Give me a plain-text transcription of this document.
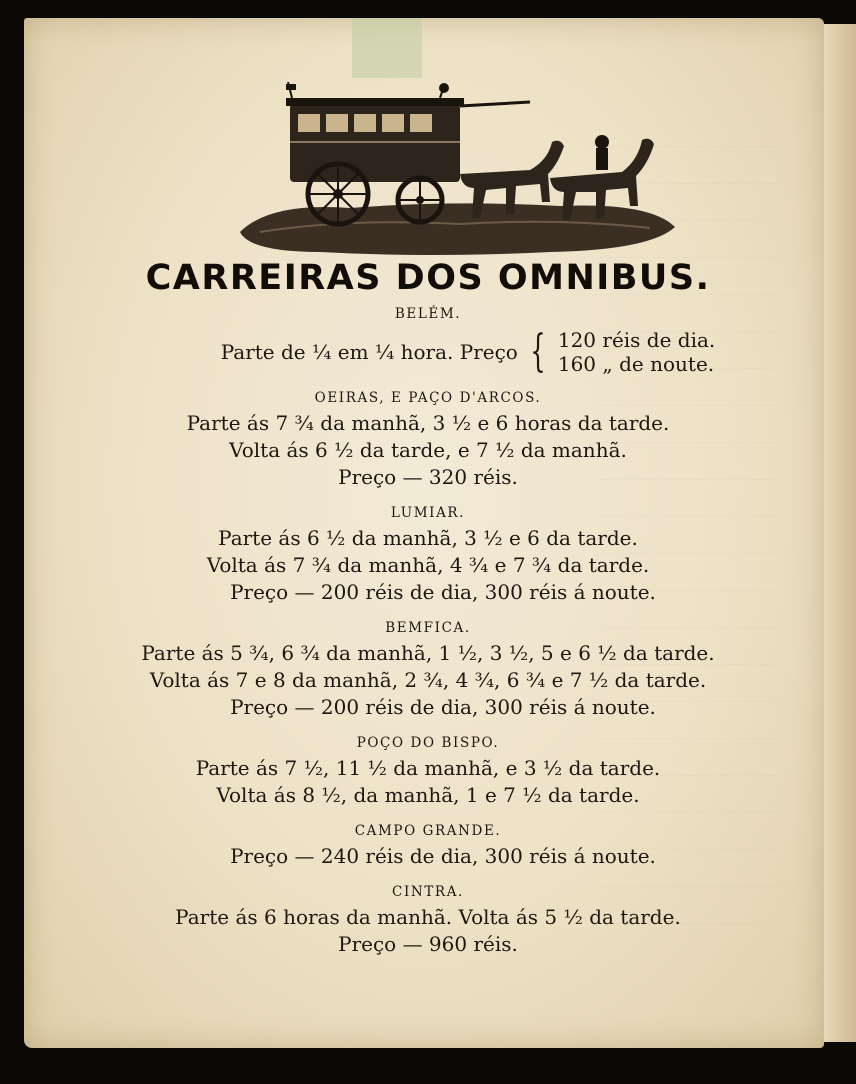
CARREIRAS DOS OMNIBUS.
BELÉM.
Parte de ¼ em ¼ hora. Preço { 120 réis de dia.
160 „ de noute.
OEIRAS, E PAÇO D'ARCOS.
Parte ás 7 ¾ da manhã, 3 ½ e 6 horas da tarde.
Volta ás 6 ½ da tarde, e 7 ½ da manhã.
Preço — 320 réis.
LUMIAR.
Parte ás 6 ½ da manhã, 3 ½ e 6 da tarde.
Volta ás 7 ¾ da manhã, 4 ¾ e 7 ¾ da tarde.
Preço — 200 réis de dia, 300 réis á noute.
BEMFICA.
Parte ás 5 ¾, 6 ¾ da manhã, 1 ½, 3 ½, 5 e 6 ½ da tarde.
Volta ás 7 e 8 da manhã, 2 ¾, 4 ¾, 6 ¾ e 7 ½ da tarde.
Preço — 200 réis de dia, 300 réis á noute.
POÇO DO BISPO.
Parte ás 7 ½, 11 ½ da manhã, e 3 ½ da tarde.
Volta ás 8 ½, da manhã, 1 e 7 ½ da tarde.
CAMPO GRANDE.
Preço — 240 réis de dia, 300 réis á noute.
CINTRA.
Parte ás 6 horas da manhã. Volta ás 5 ½ da tarde.
Preço — 960 réis.
